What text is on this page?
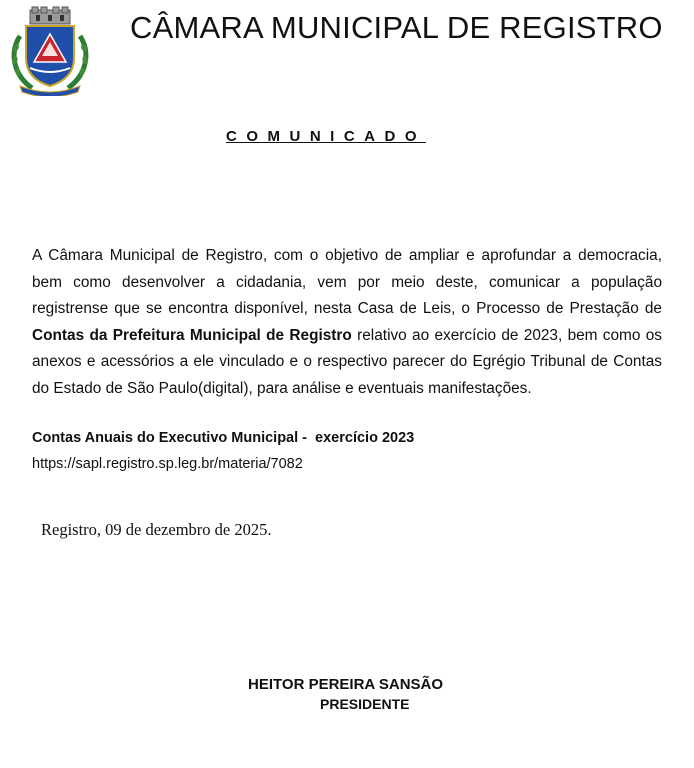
CÂMARA MUNICIPAL DE REGISTRO
COMUNICADO
A Câmara Municipal de Registro, com o objetivo de ampliar e aprofundar a democracia, bem como desenvolver a cidadania, vem por meio deste, comunicar a população registrense que se encontra disponível, nesta Casa de Leis, o Processo de Prestação de Contas da Prefeitura Municipal de Registro relativo ao exercício de 2023, bem como os anexos e acessórios a ele vinculado e o respectivo parecer do Egrégio Tribunal de Contas do Estado de São Paulo(digital), para análise e eventuais manifestações.
Contas Anuais do Executivo Municipal -  exercício 2023
https://sapl.registro.sp.leg.br/materia/7082
Registro, 09 de dezembro de 2025.
HEITOR PEREIRA SANSÃO
PRESIDENTE
